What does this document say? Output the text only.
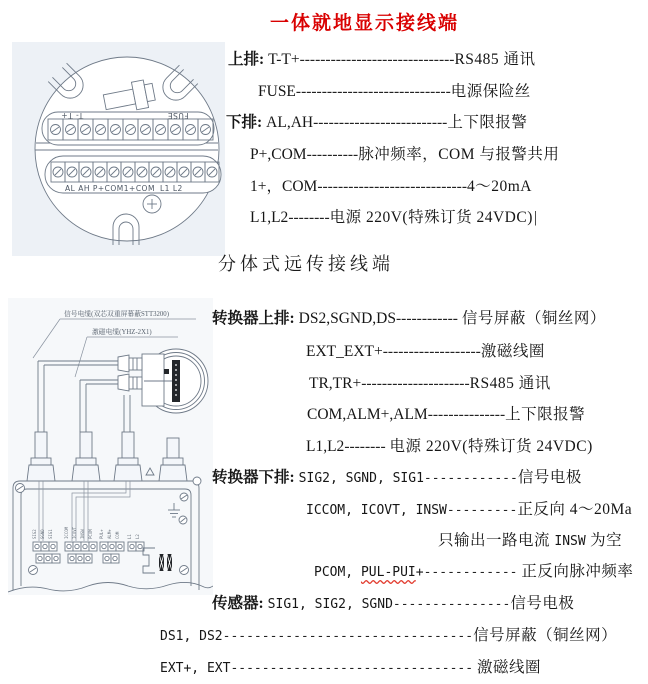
一体就地显示接线端
T- T+	FUSE
AL AH P+COM1+COM L1 L2
上排: T-T+------------------------------RS485 通讯
FUSE------------------------------电源保险丝
下排: AL,AH--------------------------上下限报警
P+,COM----------脉冲频率，COM 与报警共用
1+，COM-----------------------------4～20mA
L1,L2--------电源 220V(特殊订货 24VDC)|
分体式远传接线端
信号电缆(双芯双重屏幕蔽STT3200)
激磁电缆(YHZ-2X1)
SIG2 SGND SIG1	ICCOM ICOVT INSW PCOM PUL+ ALM+ COM L1 L2
转换器上排: DS2,SGND,DS------------ 信号屏蔽（铜丝网）
EXT_EXT+-------------------激磁线圈
TR,TR+---------------------RS485 通讯
COM,ALM+,ALM---------------上下限报警
L1,L2-------- 电源 220V(特殊订货 24VDC)
转换器下排: SIG2, SGND, SIG1------------信号电极
ICCOM, ICOVT, INSW---------正反向 4～20Ma
只输出一路电流 INSW 为空
PCOM, PUL-PUI+------------ 正反向脉冲频率
传感器: SIG1, SIG2, SGND---------------信号电极
DS1, DS2--------------------------------信号屏蔽（铜丝网）
EXT+, EXT------------------------------- 激磁线圈
